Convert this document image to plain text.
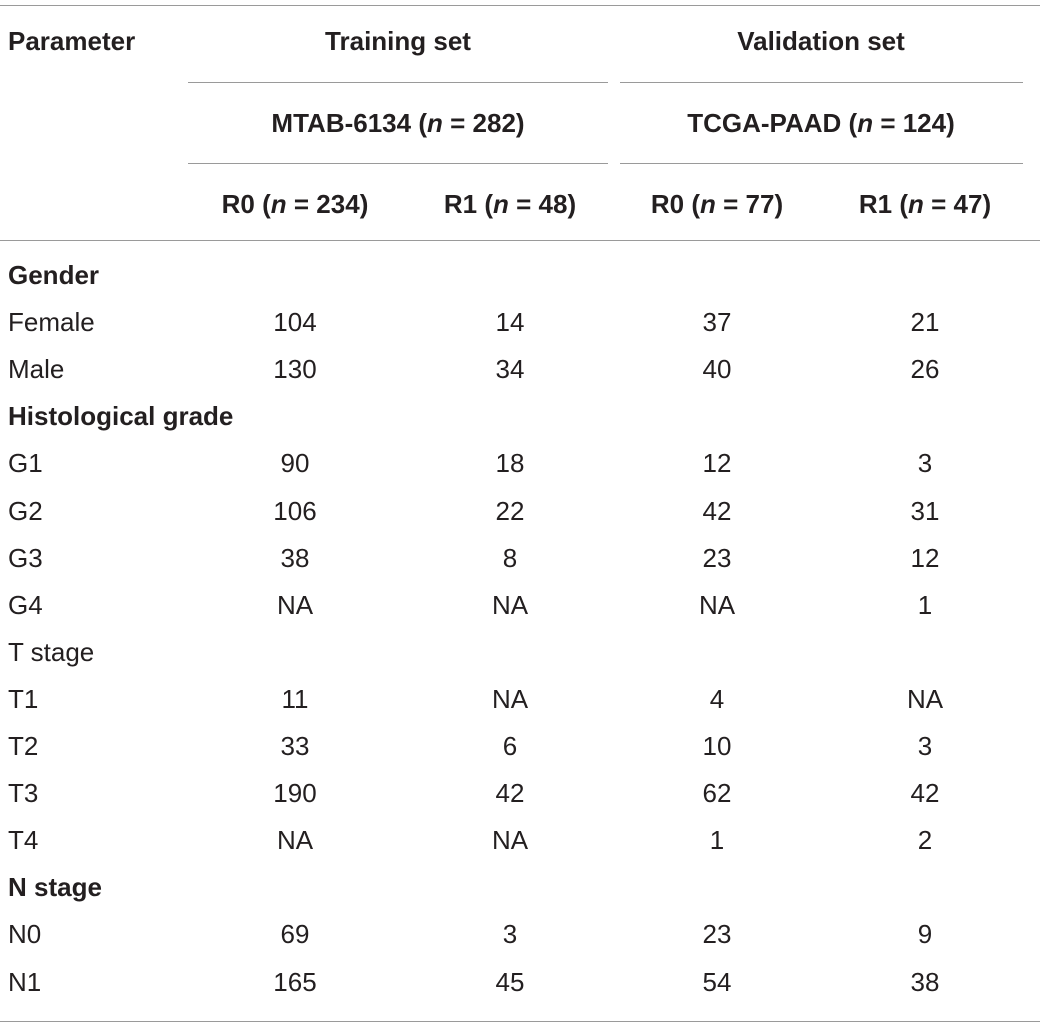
Parameter	Training set	Validation set
MTAB-6134 (n = 282)	TCGA-PAAD (n = 124)
R0 (n = 234)	R1 (n = 48)	R0 (n = 77)	R1 (n = 47)
Gender
Female	104	14	37	21
Male	130	34	40	26
Histological grade
G1	90	18	12	3
G2	106	22	42	31
G3	38	8	23	12
G4	NA	NA	NA	1
T stage
T1	11	NA	4	NA
T2	33	6	10	3
T3	190	42	62	42
T4	NA	NA	1	2
N stage
N0	69	3	23	9
N1	165	45	54	38
